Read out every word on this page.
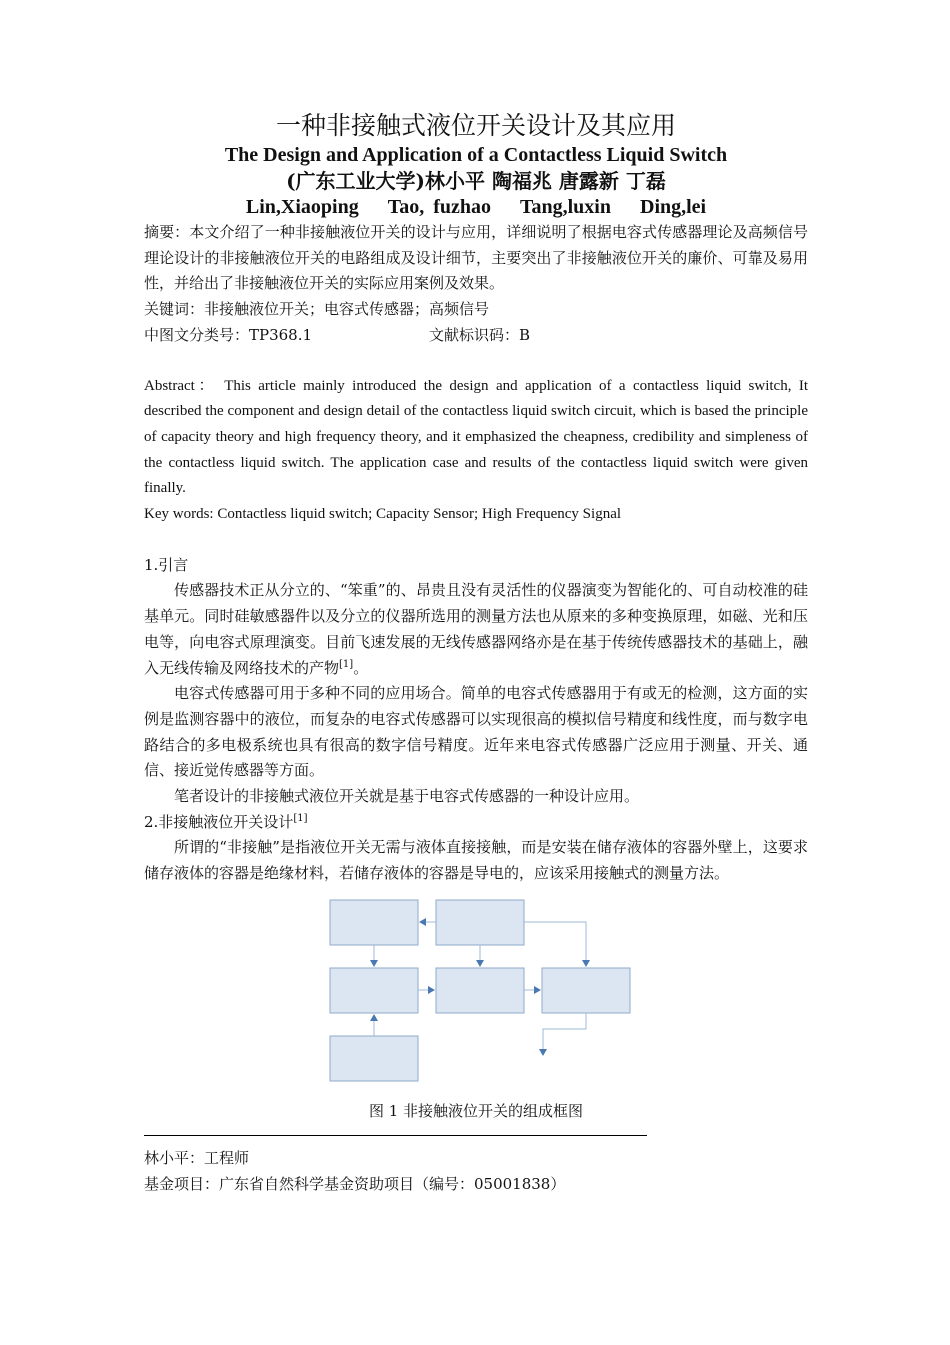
一种非接触式液位开关设计及其应用

The Design and Application of a Contactless Liquid Switch

(广东工业大学)林小平 陶福兆 唐露新 丁磊

Lin,Xiaoping Tao, fuzhao Tang,luxin Ding,lei

摘要：本文介绍了一种非接触液位开关的设计与应用，详细说明了根据电容式传感器理论及高频信号理论设计的非接触液位开关的电路组成及设计细节，主要突出了非接触液位开关的廉价、可靠及易用性，并给出了非接触液位开关的实际应用案例及效果。

关键词：非接触液位开关；电容式传感器；高频信号

中图文分类号：TP368.1	文献标识码：B

Abstract： This article mainly introduced the design and application of a contactless liquid switch, It described the component and design detail of the contactless liquid switch circuit, which is based the principle of capacity theory and high frequency theory, and it emphasized the cheapness, credibility and simpleness of the contactless liquid switch. The application case and results of the contactless liquid switch were given finally.

Key words: Contactless liquid switch; Capacity Sensor; High Frequency Signal

1.引言

传感器技术正从分立的、“笨重”的、昂贵且没有灵活性的仪器演变为智能化的、可自动校准的硅基单元。同时硅敏感器件以及分立的仪器所选用的测量方法也从原来的多种变换原理，如磁、光和压电等，向电容式原理演变。目前飞速发展的无线传感器网络亦是在基于传统传感器技术的基础上，融入无线传输及网络技术的产物[1]。

电容式传感器可用于多种不同的应用场合。简单的电容式传感器用于有或无的检测，这方面的实例是监测容器中的液位，而复杂的电容式传感器可以实现很高的模拟信号精度和线性度，而与数字电路结合的多电极系统也具有很高的数字信号精度。近年来电容式传感器广泛应用于测量、开关、通信、接近觉传感器等方面。

笔者设计的非接触式液位开关就是基于电容式传感器的一种设计应用。

2.非接触液位开关设计[1]

所谓的“非接触”是指液位开关无需与液体直接接触，而是安装在储存液体的容器外壁上，这要求储存液体的容器是绝缘材料，若储存液体的容器是导电的，应该采用接触式的测量方法。

图 1 非接触液位开关的组成框图

林小平：工程师

基金项目：广东省自然科学基金资助项目（编号：05001838）
